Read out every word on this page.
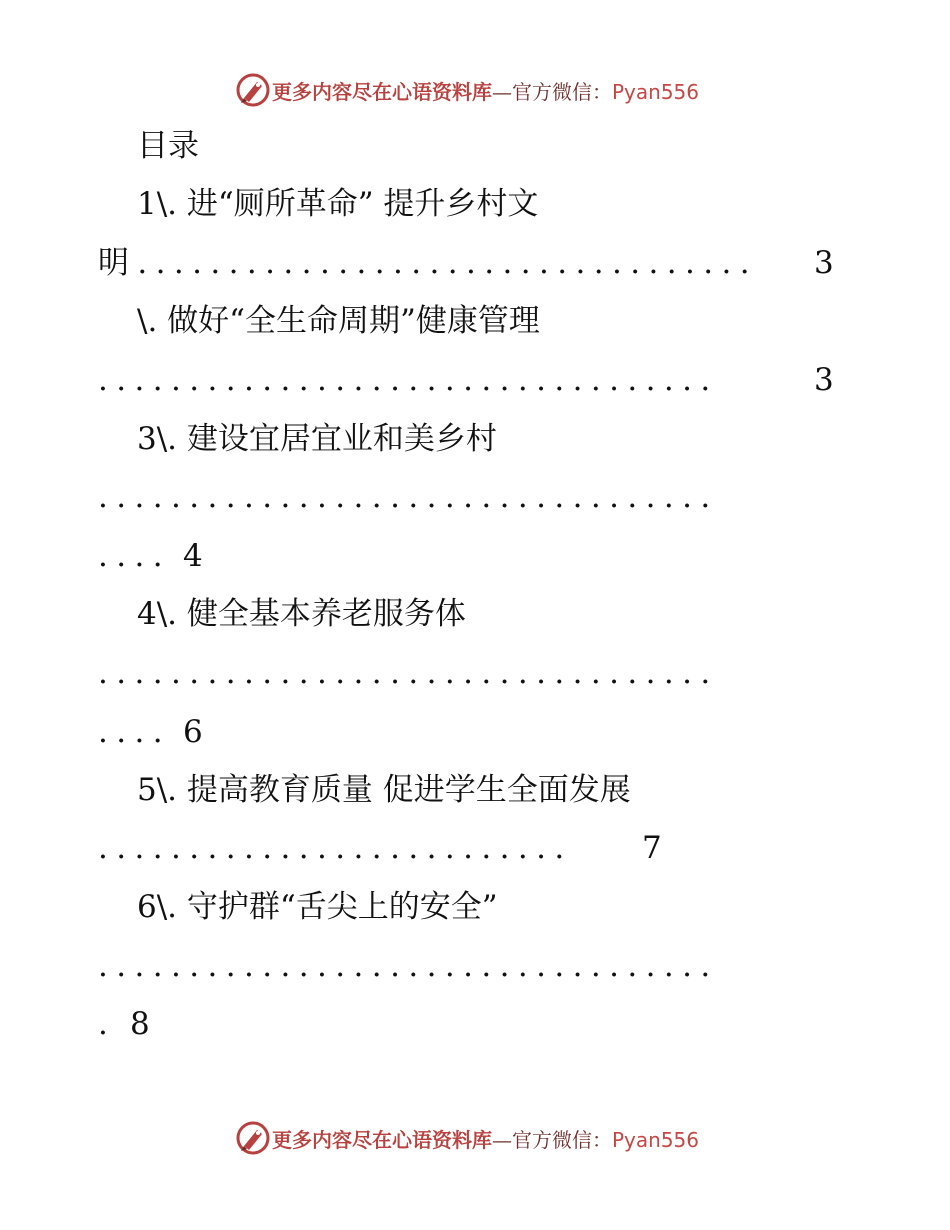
更多内容尽在心语资料库—官方微信：Pyan556
目录
1\. 进“厕所革命” 提升乡村文
明.................................. 3
\. 做好“全生命周期”健康管理
..................................	3
3\. 建设宜居宜业和美乡村
..................................
.... 4
4\. 健全基本养老服务体
..................................
.... 6
5\. 提高教育质量 促进学生全面发展
.......................... 7
6\. 守护群“舌尖上的安全”
..................................
. 8
更多内容尽在心语资料库—官方微信：Pyan556
